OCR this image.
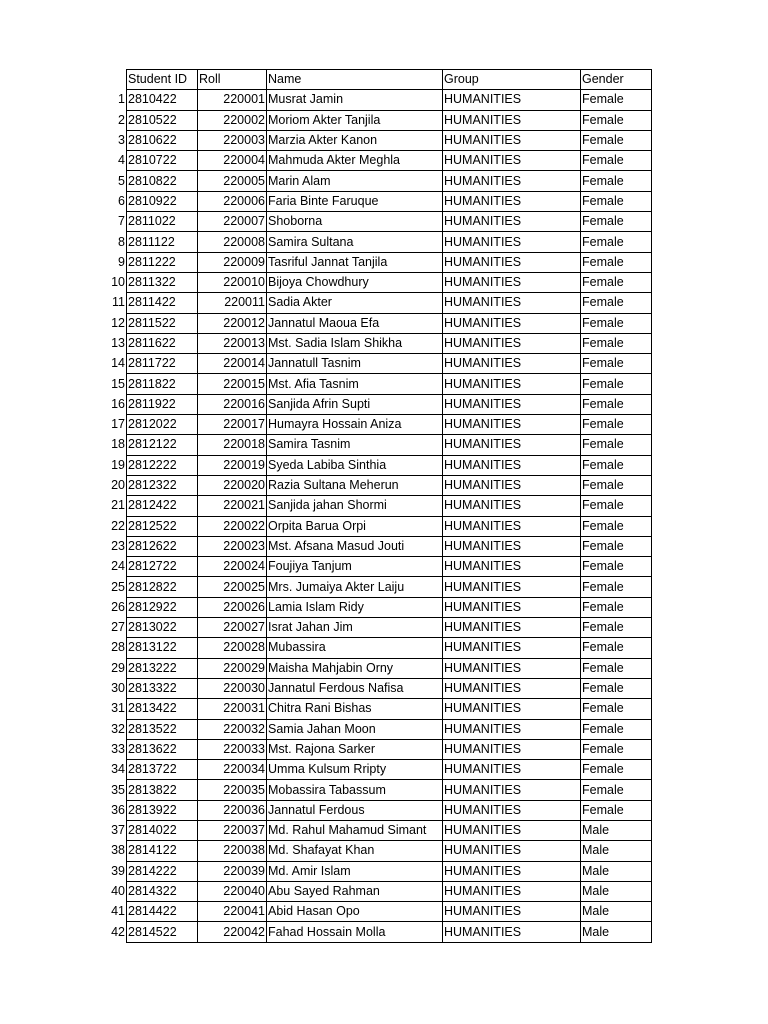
	Student ID	Roll	Name	Group	Gender
1	2810422	220001	Musrat Jamin	HUMANITIES	Female
2	2810522	220002	Moriom Akter Tanjila	HUMANITIES	Female
3	2810622	220003	Marzia Akter Kanon	HUMANITIES	Female
4	2810722	220004	Mahmuda Akter Meghla	HUMANITIES	Female
5	2810822	220005	Marin Alam	HUMANITIES	Female
6	2810922	220006	Faria Binte Faruque	HUMANITIES	Female
7	2811022	220007	Shoborna	HUMANITIES	Female
8	2811122	220008	Samira Sultana	HUMANITIES	Female
9	2811222	220009	Tasriful Jannat Tanjila	HUMANITIES	Female
10	2811322	220010	Bijoya Chowdhury	HUMANITIES	Female
11	2811422	220011	Sadia Akter	HUMANITIES	Female
12	2811522	220012	Jannatul Maoua Efa	HUMANITIES	Female
13	2811622	220013	Mst. Sadia Islam Shikha	HUMANITIES	Female
14	2811722	220014	Jannatull Tasnim	HUMANITIES	Female
15	2811822	220015	Mst. Afia Tasnim	HUMANITIES	Female
16	2811922	220016	Sanjida Afrin Supti	HUMANITIES	Female
17	2812022	220017	Humayra Hossain Aniza	HUMANITIES	Female
18	2812122	220018	Samira Tasnim	HUMANITIES	Female
19	2812222	220019	Syeda Labiba Sinthia	HUMANITIES	Female
20	2812322	220020	Razia Sultana Meherun	HUMANITIES	Female
21	2812422	220021	Sanjida jahan Shormi	HUMANITIES	Female
22	2812522	220022	Orpita Barua Orpi	HUMANITIES	Female
23	2812622	220023	Mst. Afsana Masud Jouti	HUMANITIES	Female
24	2812722	220024	Foujiya Tanjum	HUMANITIES	Female
25	2812822	220025	Mrs. Jumaiya Akter Laiju	HUMANITIES	Female
26	2812922	220026	Lamia Islam Ridy	HUMANITIES	Female
27	2813022	220027	Israt Jahan Jim	HUMANITIES	Female
28	2813122	220028	Mubassira	HUMANITIES	Female
29	2813222	220029	Maisha Mahjabin Orny	HUMANITIES	Female
30	2813322	220030	Jannatul Ferdous Nafisa	HUMANITIES	Female
31	2813422	220031	Chitra Rani Bishas	HUMANITIES	Female
32	2813522	220032	Samia Jahan Moon	HUMANITIES	Female
33	2813622	220033	Mst. Rajona Sarker	HUMANITIES	Female
34	2813722	220034	Umma Kulsum Rripty	HUMANITIES	Female
35	2813822	220035	Mobassira Tabassum	HUMANITIES	Female
36	2813922	220036	Jannatul Ferdous	HUMANITIES	Female
37	2814022	220037	Md. Rahul Mahamud Simant	HUMANITIES	Male
38	2814122	220038	Md. Shafayat Khan	HUMANITIES	Male
39	2814222	220039	Md. Amir Islam	HUMANITIES	Male
40	2814322	220040	Abu Sayed Rahman	HUMANITIES	Male
41	2814422	220041	Abid Hasan Opo	HUMANITIES	Male
42	2814522	220042	Fahad Hossain Molla	HUMANITIES	Male
